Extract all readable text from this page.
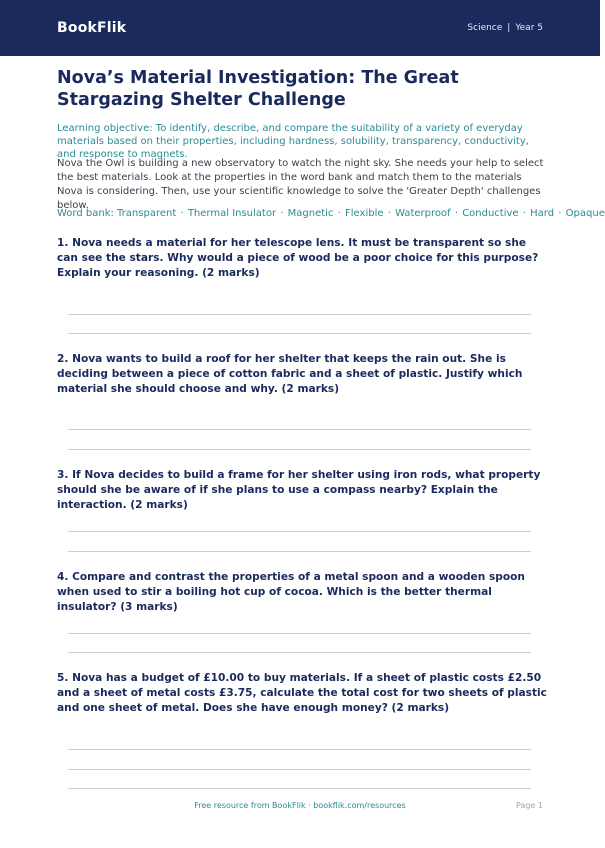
BookFlik	Science | Year 5
Nova’s Material Investigation: The Great Stargazing Shelter Challenge

Learning objective: To identify, describe, and compare the suitability of a variety of everyday materials based on their properties, including hardness, solubility, transparency, conductivity, and response to magnets.

Nova the Owl is building a new observatory to watch the night sky. She needs your help to select the best materials. Look at the properties in the word bank and match them to the materials Nova is considering. Then, use your scientific knowledge to solve the 'Greater Depth' challenges below.

Word bank: Transparent · Thermal Insulator · Magnetic · Flexible · Waterproof · Conductive · Hard · Opaque

1. Nova needs a material for her telescope lens. It must be transparent so she can see the stars. Why would a piece of wood be a poor choice for this purpose? Explain your reasoning. (2 marks)

2. Nova wants to build a roof for her shelter that keeps the rain out. She is deciding between a piece of cotton fabric and a sheet of plastic. Justify which material she should choose and why. (2 marks)

3. If Nova decides to build a frame for her shelter using iron rods, what property should she be aware of if she plans to use a compass nearby? Explain the interaction. (2 marks)

4. Compare and contrast the properties of a metal spoon and a wooden spoon when used to stir a boiling hot cup of cocoa. Which is the better thermal insulator? (3 marks)

5. Nova has a budget of £10.00 to buy materials. If a sheet of plastic costs £2.50 and a sheet of metal costs £3.75, calculate the total cost for two sheets of plastic and one sheet of metal. Does she have enough money? (2 marks)

Free resource from BookFlik · bookflik.com/resources	Page 1
